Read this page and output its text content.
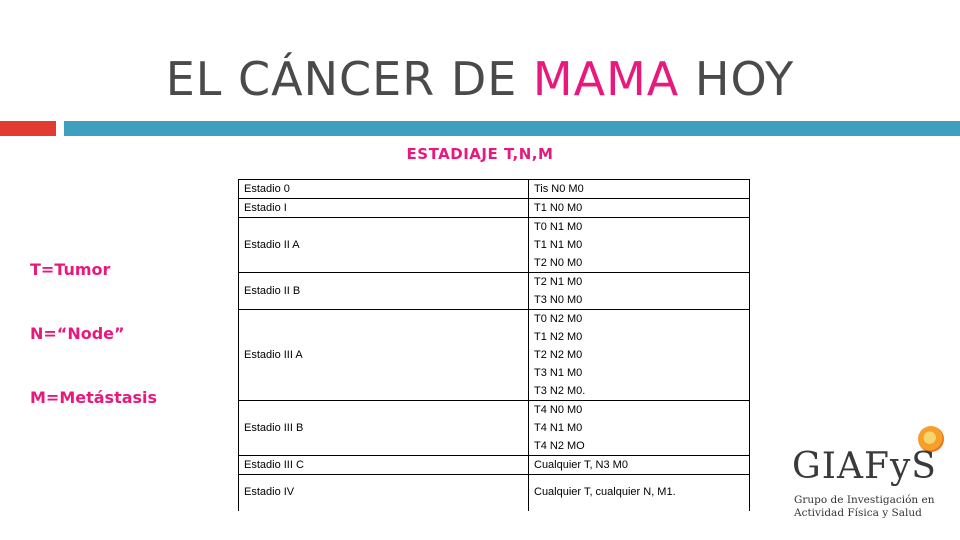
EL CÁNCER DE MAMA HOY
ESTADIAJE T,N,M
T=Tumor
N=“Node”
M=Metástasis
Estadio 0	Tis N0 M0

Estadio I	T1 N0 M0

Estadio II A	T0 N1 M0
T1 N1 M0
T2 N0 M0

Estadio II B	T2 N1 M0
T3 N0 M0

Estadio III A	T0 N2 M0
T1 N2 M0
T2 N2 M0
T3 N1 M0
T3 N2 M0.

Estadio III B	T4 N0 M0
T4 N1 M0
T4 N2 MO

Estadio III C	Cualquier T, N3 M0

Estadio IV	Cualquier T, cualquier N, M1.
GIAFyS
Grupo de Investigación en
Actividad Física y Salud
